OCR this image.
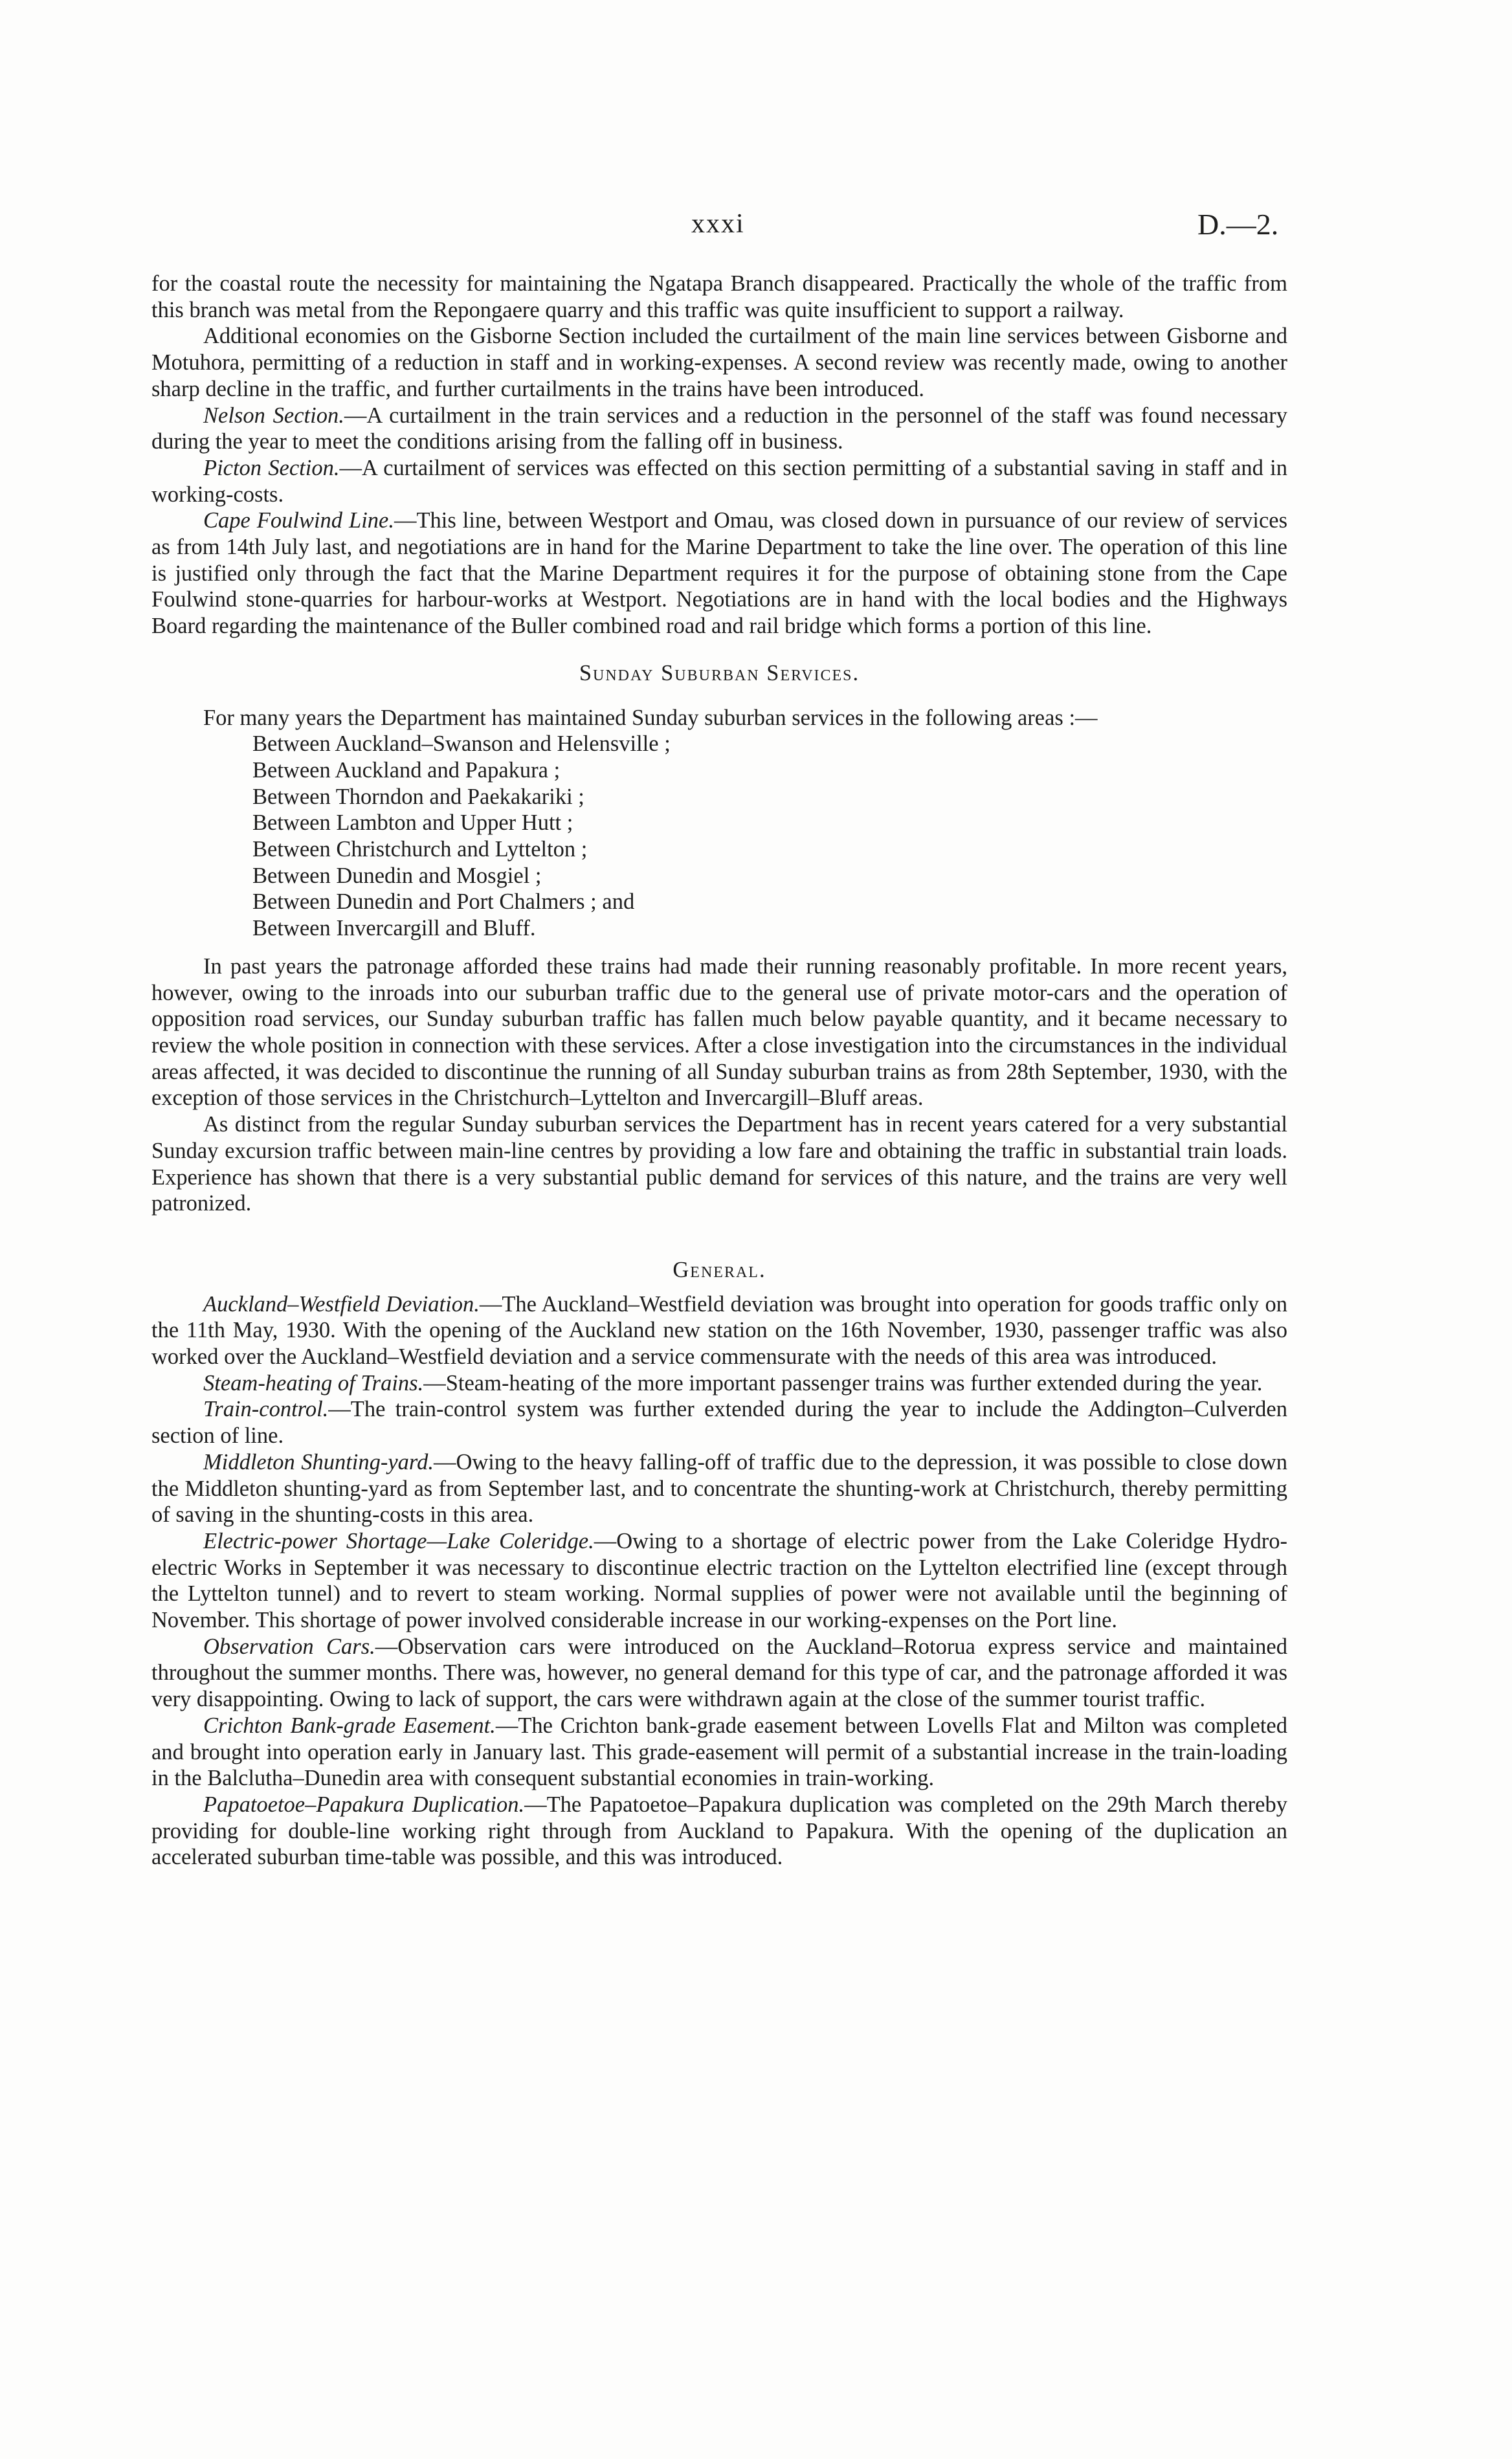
xxxi	D.—2.

for the coastal route the necessity for maintaining the Ngatapa Branch disappeared. Practically the whole of the traffic from this branch was metal from the Repongaere quarry and this traffic was quite insufficient to support a railway.

Additional economies on the Gisborne Section included the curtailment of the main line services between Gisborne and Motuhora, permitting of a reduction in staff and in working-expenses. A second review was recently made, owing to another sharp decline in the traffic, and further curtailments in the trains have been introduced.

Nelson Section.—A curtailment in the train services and a reduction in the personnel of the staff was found necessary during the year to meet the conditions arising from the falling off in business.

Picton Section.—A curtailment of services was effected on this section permitting of a substantial saving in staff and in working-costs.

Cape Foulwind Line.—This line, between Westport and Omau, was closed down in pursuance of our review of services as from 14th July last, and negotiations are in hand for the Marine Department to take the line over. The operation of this line is justified only through the fact that the Marine Department requires it for the purpose of obtaining stone from the Cape Foulwind stone-quarries for harbour-works at Westport. Negotiations are in hand with the local bodies and the Highways Board regarding the maintenance of the Buller combined road and rail bridge which forms a portion of this line.

Sunday Suburban Services.

For many years the Department has maintained Sunday suburban services in the following areas :—

Between Auckland–Swanson and Helensville ;
Between Auckland and Papakura ;
Between Thorndon and Paekakariki ;
Between Lambton and Upper Hutt ;
Between Christchurch and Lyttelton ;
Between Dunedin and Mosgiel ;
Between Dunedin and Port Chalmers ; and
Between Invercargill and Bluff.

In past years the patronage afforded these trains had made their running reasonably profitable. In more recent years, however, owing to the inroads into our suburban traffic due to the general use of private motor-cars and the operation of opposition road services, our Sunday suburban traffic has fallen much below payable quantity, and it became necessary to review the whole position in connection with these services. After a close investigation into the circumstances in the individual areas affected, it was decided to discontinue the running of all Sunday suburban trains as from 28th September, 1930, with the exception of those services in the Christchurch–Lyttelton and Invercargill–Bluff areas.

As distinct from the regular Sunday suburban services the Department has in recent years catered for a very substantial Sunday excursion traffic between main-line centres by providing a low fare and obtaining the traffic in substantial train loads. Experience has shown that there is a very substantial public demand for services of this nature, and the trains are very well patronized.

General.

Auckland–Westfield Deviation.—The Auckland–Westfield deviation was brought into operation for goods traffic only on the 11th May, 1930. With the opening of the Auckland new station on the 16th November, 1930, passenger traffic was also worked over the Auckland–Westfield deviation and a service commensurate with the needs of this area was introduced.

Steam-heating of Trains.—Steam-heating of the more important passenger trains was further extended during the year.

Train-control.—The train-control system was further extended during the year to include the Addington–Culverden section of line.

Middleton Shunting-yard.—Owing to the heavy falling-off of traffic due to the depression, it was possible to close down the Middleton shunting-yard as from September last, and to concentrate the shunting-work at Christchurch, thereby permitting of saving in the shunting-costs in this area.

Electric-power Shortage—Lake Coleridge.—Owing to a shortage of electric power from the Lake Coleridge Hydro-electric Works in September it was necessary to discontinue electric traction on the Lyttelton electrified line (except through the Lyttelton tunnel) and to revert to steam working. Normal supplies of power were not available until the beginning of November. This shortage of power involved considerable increase in our working-expenses on the Port line.

Observation Cars.—Observation cars were introduced on the Auckland–Rotorua express service and maintained throughout the summer months. There was, however, no general demand for this type of car, and the patronage afforded it was very disappointing. Owing to lack of support, the cars were withdrawn again at the close of the summer tourist traffic.

Crichton Bank-grade Easement.—The Crichton bank-grade easement between Lovells Flat and Milton was completed and brought into operation early in January last. This grade-easement will permit of a substantial increase in the train-loading in the Balclutha–Dunedin area with consequent substantial economies in train-working.

Papatoetoe–Papakura Duplication.—The Papatoetoe–Papakura duplication was completed on the 29th March thereby providing for double-line working right through from Auckland to Papakura. With the opening of the duplication an accelerated suburban time-table was possible, and this was introduced.
